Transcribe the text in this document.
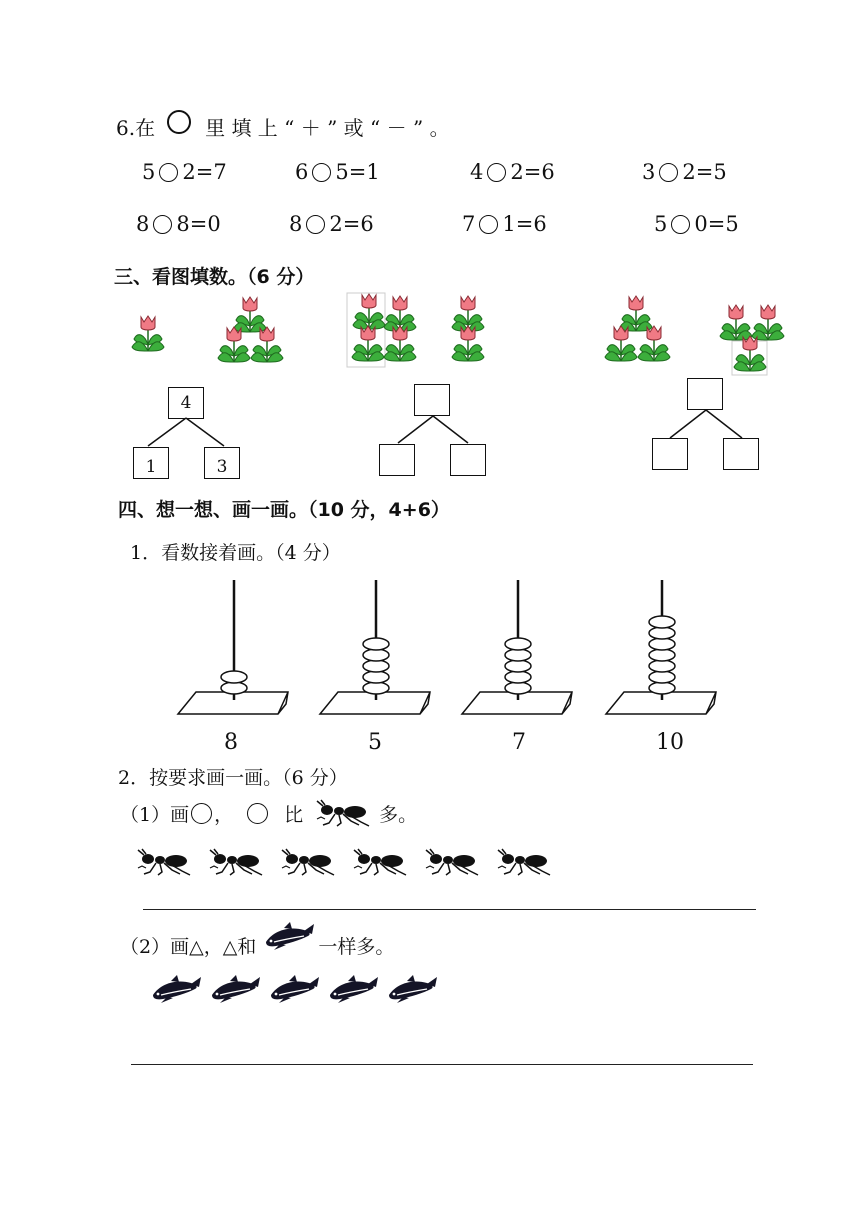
6.在	里 填 上 “ ＋ ” 或 “ － ” 。
5 2=7	6 5=1	4 2=6	3 2=5
8 8=0	8 2=6	7 1=6	5 0=5
三、看图填数。（6 分）
4
1	3
四、想一想、画一画。（10 分，4+6）
1．看数接着画。（4 分）
8	5	7	10
2．按要求画一画。（6 分）
（1）画 ，	比	多。
（2）画△，△和	一样多。
